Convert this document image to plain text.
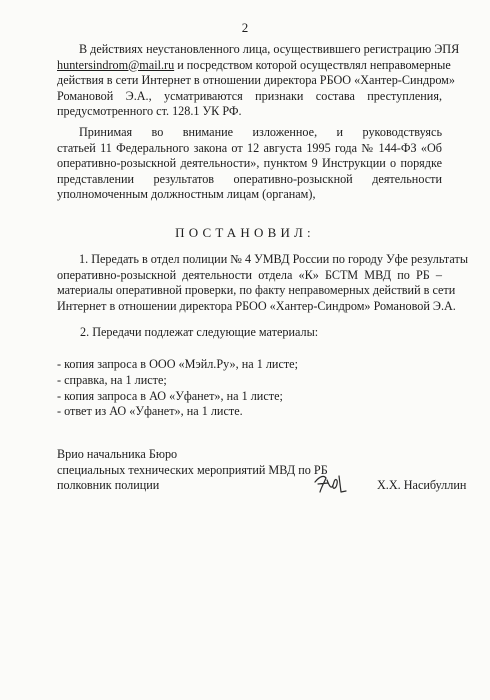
2
В действиях неустановленного лица, осуществившего регистрацию ЭПЯ
huntersindrom@mail.ru и посредством которой осуществлял неправомерные
действия в сети Интернет в отношении директора РБОО «Хантер-Синдром»
Романовой Э.А., усматриваются признаки состава преступления,
предусмотренного ст. 128.1 УК РФ.
Принимая во внимание изложенное, и руководствуясь
статьей 11 Федерального закона от 12 августа 1995 года № 144-ФЗ «Об
оперативно-розыскной деятельности», пунктом 9 Инструкции о порядке
представлении результатов оперативно-розыскной деятельности
уполномоченным должностным лицам (органам),
ПОСТАНОВИЛ:
1. Передать в отдел полиции № 4 УМВД России по городу Уфе результаты
оперативно-розыскной деятельности отдела «К» БСТМ МВД по РБ –
материалы оперативной проверки, по факту неправомерных действий в сети
Интернет в отношении директора РБОО «Хантер-Синдром» Романовой Э.А.
2. Передачи подлежат следующие материалы:
- копия запроса в ООО «Мэйл.Ру», на 1 листе;
- справка, на 1 листе;
- копия запроса в АО «Уфанет», на 1 листе;
- ответ из АО «Уфанет», на 1 листе.
Врио начальника Бюро
специальных технических мероприятий МВД по РБ
полковник полиции	Х.Х. Насибуллин
